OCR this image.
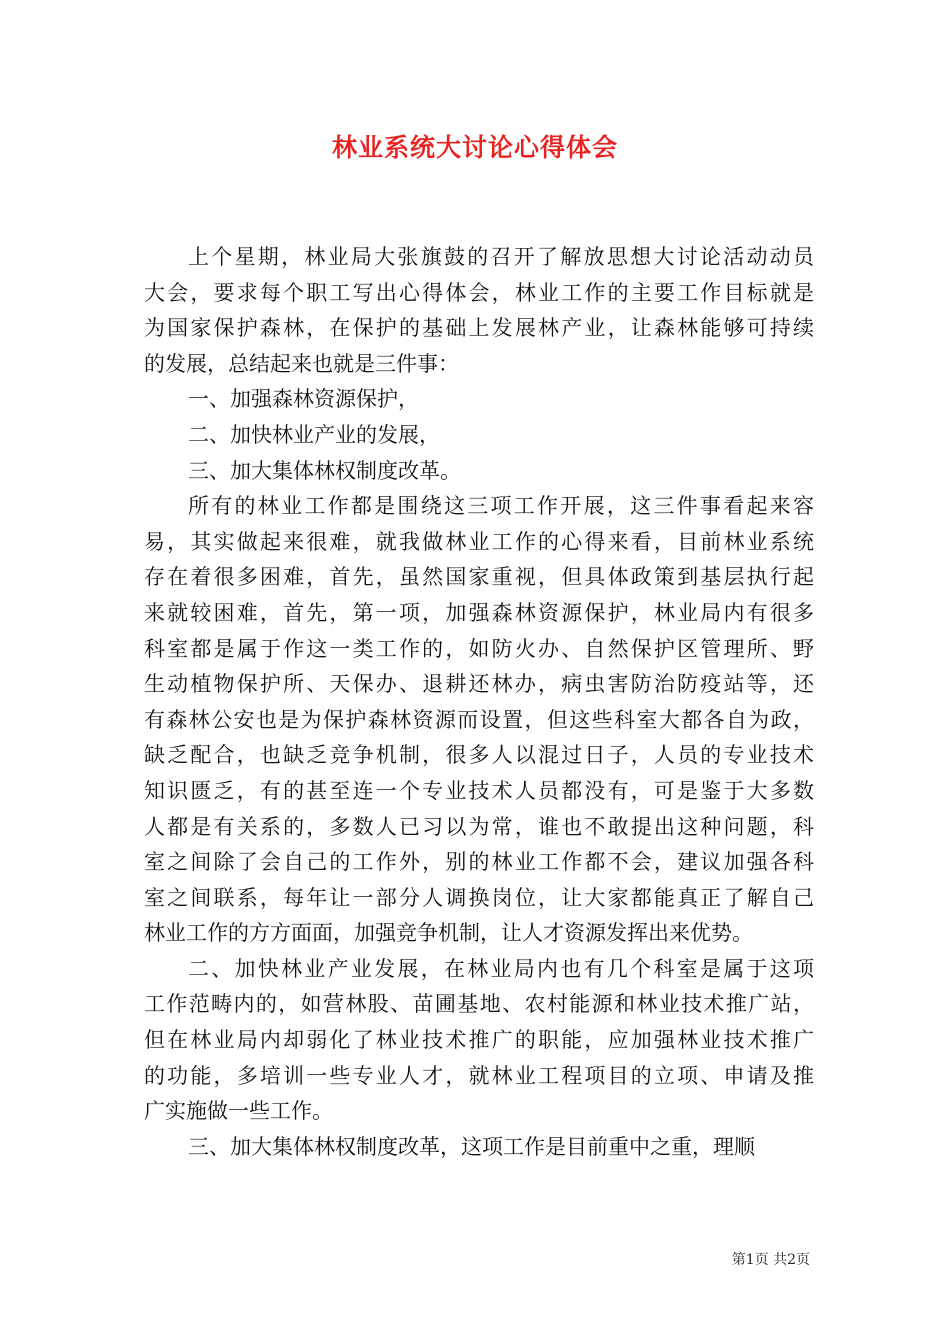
林业系统大讨论心得体会
上个星期，林业局大张旗鼓的召开了解放思想大讨论活动动员
大会，要求每个职工写出心得体会，林业工作的主要工作目标就是
为国家保护森林，在保护的基础上发展林产业，让森林能够可持续
的发展，总结起来也就是三件事：
一、加强森林资源保护，
二、加快林业产业的发展，
三、加大集体林权制度改革。
所有的林业工作都是围绕这三项工作开展，这三件事看起来容
易，其实做起来很难，就我做林业工作的心得来看，目前林业系统
存在着很多困难，首先，虽然国家重视，但具体政策到基层执行起
来就较困难，首先，第一项，加强森林资源保护，林业局内有很多
科室都是属于作这一类工作的，如防火办、自然保护区管理所、野
生动植物保护所、天保办、退耕还林办，病虫害防治防疫站等，还
有森林公安也是为保护森林资源而设置，但这些科室大都各自为政，
缺乏配合，也缺乏竞争机制，很多人以混过日子，人员的专业技术
知识匮乏，有的甚至连一个专业技术人员都没有，可是鉴于大多数
人都是有关系的，多数人已习以为常，谁也不敢提出这种问题，科
室之间除了会自己的工作外，别的林业工作都不会，建议加强各科
室之间联系，每年让一部分人调换岗位，让大家都能真正了解自己
林业工作的方方面面，加强竞争机制，让人才资源发挥出来优势。
二、加快林业产业发展，在林业局内也有几个科室是属于这项
工作范畴内的，如营林股、苗圃基地、农村能源和林业技术推广站，
但在林业局内却弱化了林业技术推广的职能，应加强林业技术推广
的功能，多培训一些专业人才，就林业工程项目的立项、申请及推
广实施做一些工作。
三、加大集体林权制度改革，这项工作是目前重中之重，理顺
第1页 共2页
